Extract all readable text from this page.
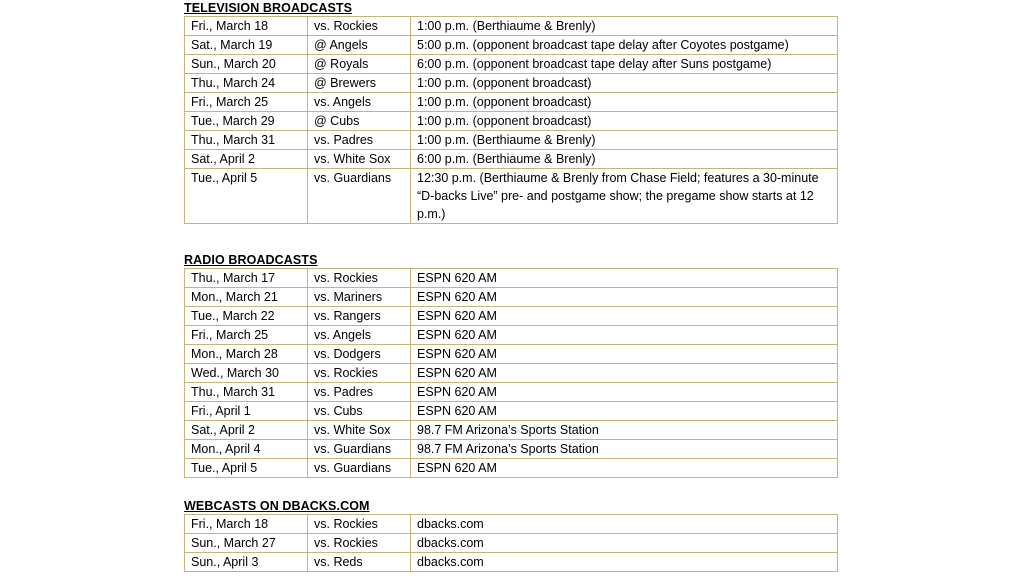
TELEVISION BROADCASTS
Fri., March 18	vs. Rockies	1:00 p.m. (Berthiaume & Brenly)
Sat., March 19	@ Angels	5:00 p.m. (opponent broadcast tape delay after Coyotes postgame)
Sun., March 20	@ Royals	6:00 p.m. (opponent broadcast tape delay after Suns postgame)
Thu., March 24	@ Brewers	1:00 p.m. (opponent broadcast)
Fri., March 25	vs. Angels	1:00 p.m. (opponent broadcast)
Tue., March 29	@ Cubs	1:00 p.m. (opponent broadcast)
Thu., March 31	vs. Padres	1:00 p.m. (Berthiaume & Brenly)
Sat., April 2	vs. White Sox	6:00 p.m. (Berthiaume & Brenly)
Tue., April 5	vs. Guardians	12:30 p.m. (Berthiaume & Brenly from Chase Field; features a 30-minute “D-backs Live” pre- and postgame show; the pregame show starts at 12 p.m.)
RADIO BROADCASTS
Thu., March 17	vs. Rockies	ESPN 620 AM
Mon., March 21	vs. Mariners	ESPN 620 AM
Tue., March 22	vs. Rangers	ESPN 620 AM
Fri., March 25	vs. Angels	ESPN 620 AM
Mon., March 28	vs. Dodgers	ESPN 620 AM
Wed., March 30	vs. Rockies	ESPN 620 AM
Thu., March 31	vs. Padres	ESPN 620 AM
Fri., April 1	vs. Cubs	ESPN 620 AM
Sat., April 2	vs. White Sox	98.7 FM Arizona’s Sports Station
Mon., April 4	vs. Guardians	98.7 FM Arizona’s Sports Station
Tue., April 5	vs. Guardians	ESPN 620 AM
WEBCASTS ON DBACKS.COM
Fri., March 18	vs. Rockies	dbacks.com
Sun., March 27	vs. Rockies	dbacks.com
Sun., April 3	vs. Reds	dbacks.com
